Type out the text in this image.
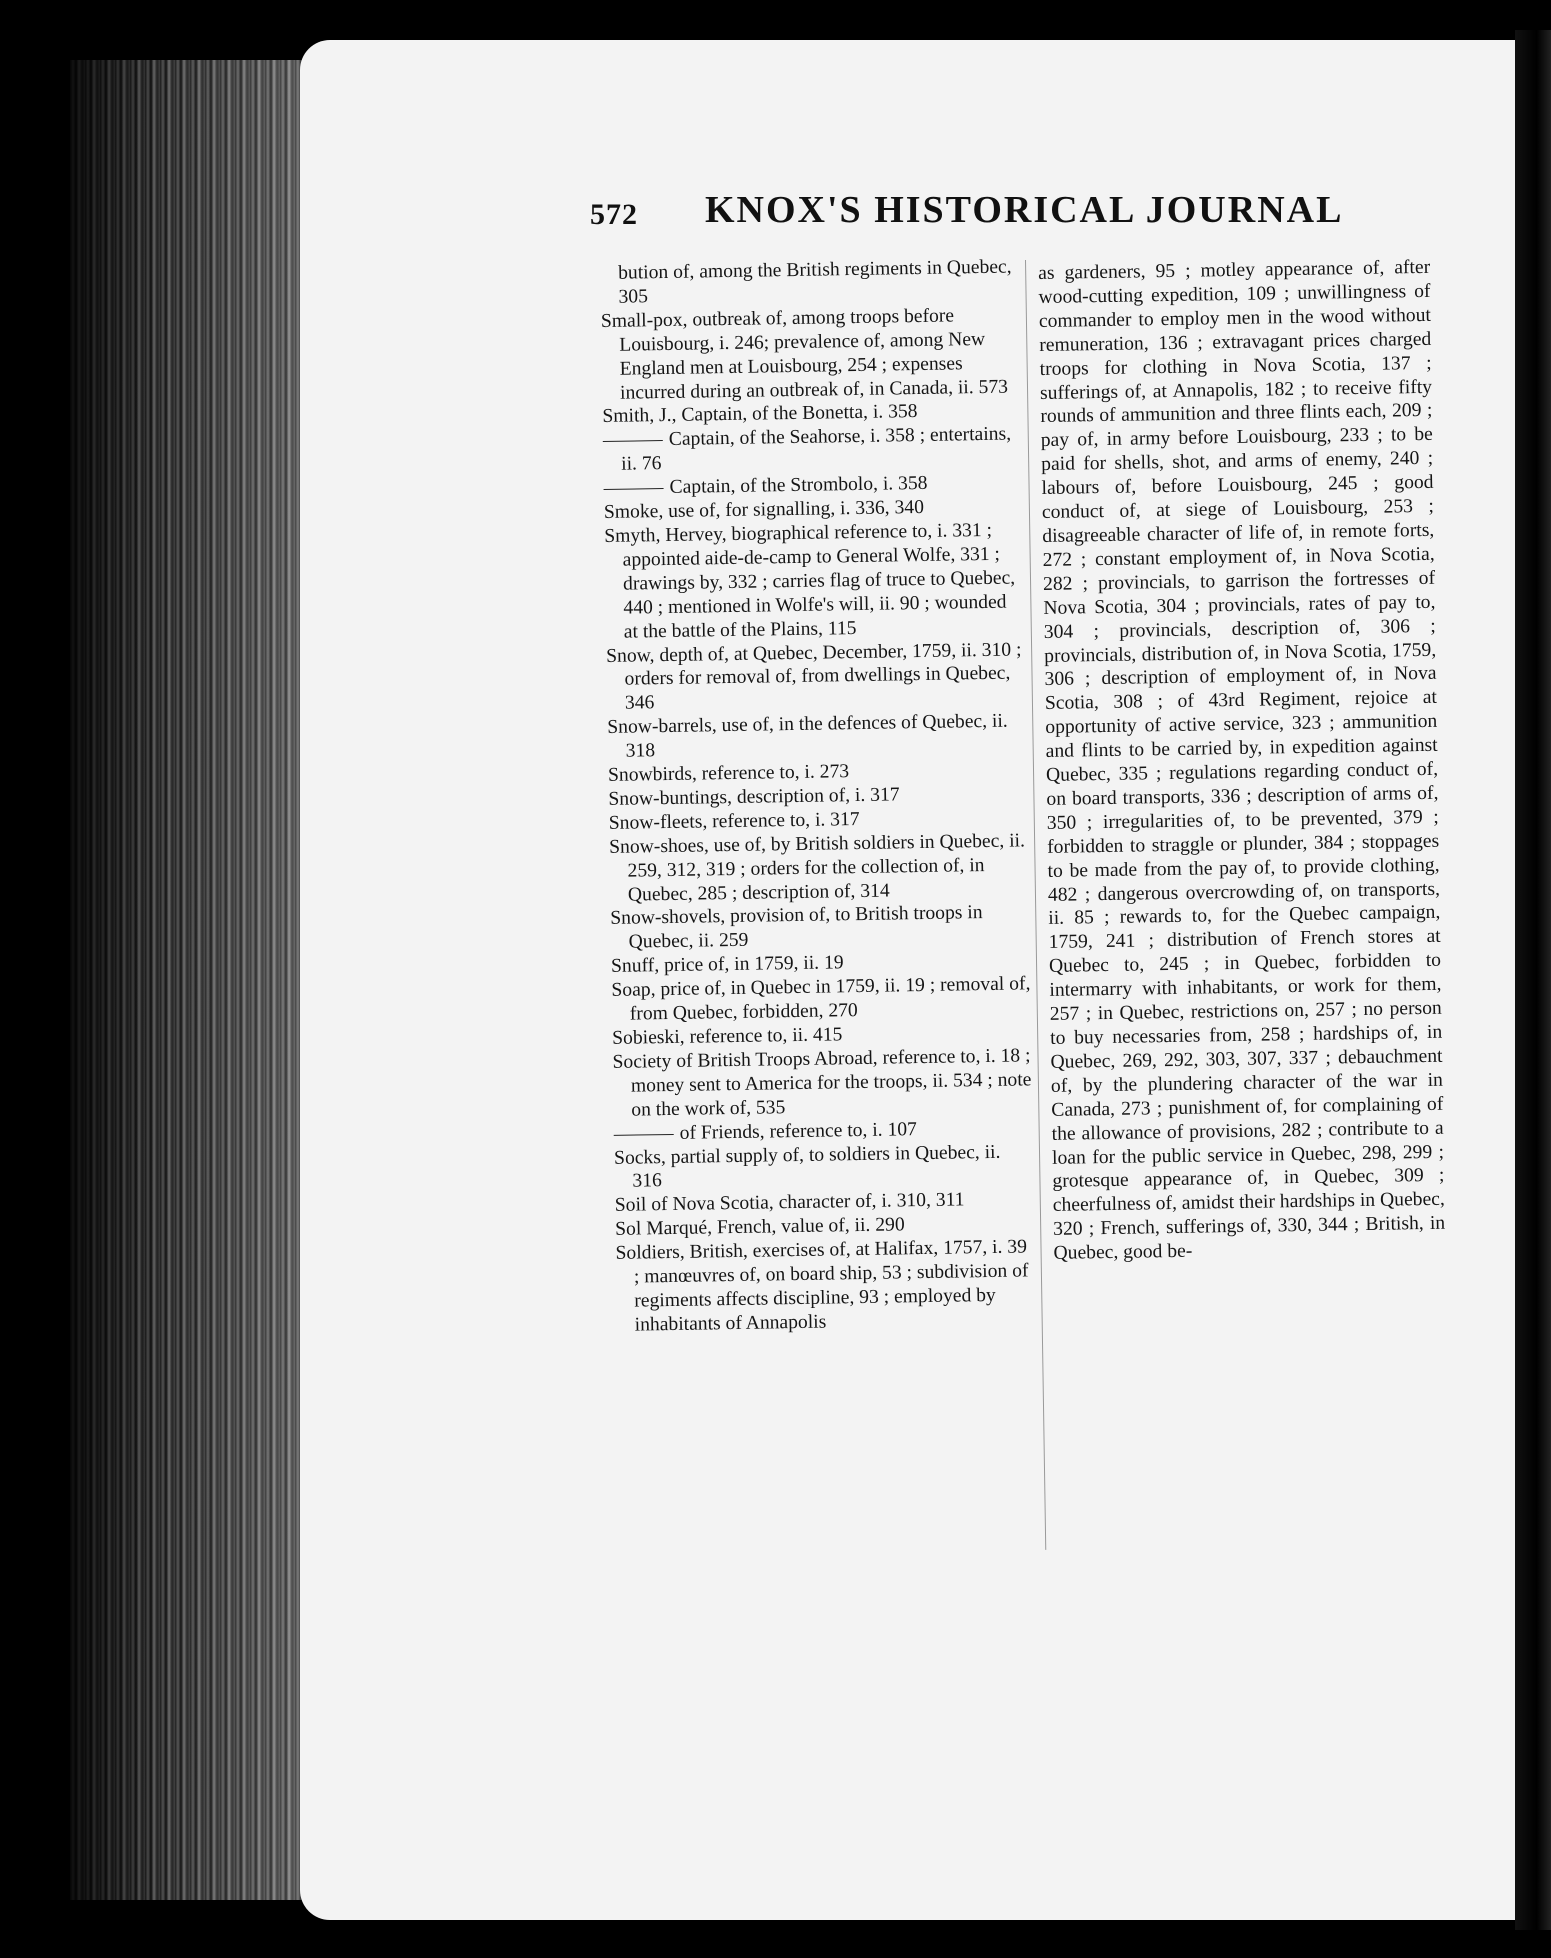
572 KNOX'S HISTORICAL JOURNAL

bution of, among the British regiments in Quebec, 305

Small-pox, outbreak of, among troops before Louisbourg, i. 246; prevalence of, among New England men at Louisbourg, 254 ; expenses incurred during an outbreak of, in Canada, ii. 573

Smith, J., Captain, of the Bonetta, i. 358

Captain, of the Seahorse, i. 358 ; entertains, ii. 76

Captain, of the Strombolo, i. 358

Smoke, use of, for signalling, i. 336, 340

Smyth, Hervey, biographical reference to, i. 331 ; appointed aide-de-camp to General Wolfe, 331 ; drawings by, 332 ; carries flag of truce to Quebec, 440 ; mentioned in Wolfe's will, ii. 90 ; wounded at the battle of the Plains, 115

Snow, depth of, at Quebec, December, 1759, ii. 310 ; orders for removal of, from dwellings in Quebec, 346

Snow-barrels, use of, in the defences of Quebec, ii. 318

Snowbirds, reference to, i. 273

Snow-buntings, description of, i. 317

Snow-fleets, reference to, i. 317

Snow-shoes, use of, by British soldiers in Quebec, ii. 259, 312, 319 ; orders for the collection of, in Quebec, 285 ; description of, 314

Snow-shovels, provision of, to British troops in Quebec, ii. 259

Snuff, price of, in 1759, ii. 19

Soap, price of, in Quebec in 1759, ii. 19 ; removal of, from Quebec, forbidden, 270

Sobieski, reference to, ii. 415

Society of British Troops Abroad, reference to, i. 18 ; money sent to America for the troops, ii. 534 ; note on the work of, 535

of Friends, reference to, i. 107

Socks, partial supply of, to soldiers in Quebec, ii. 316

Soil of Nova Scotia, character of, i. 310, 311

Sol Marqué, French, value of, ii. 290

Soldiers, British, exercises of, at Halifax, 1757, i. 39 ; manœuvres of, on board ship, 53 ; subdivision of regiments affects discipline, 93 ; employed by inhabitants of Annapolis

as gardeners, 95 ; motley appearance of, after wood-cutting expedition, 109 ; unwillingness of commander to employ men in the wood without remuneration, 136 ; extravagant prices charged troops for clothing in Nova Scotia, 137 ; sufferings of, at Annapolis, 182 ; to receive fifty rounds of ammunition and three flints each, 209 ; pay of, in army before Louisbourg, 233 ; to be paid for shells, shot, and arms of enemy, 240 ; labours of, before Louisbourg, 245 ; good conduct of, at siege of Louisbourg, 253 ; disagreeable character of life of, in remote forts, 272 ; constant employment of, in Nova Scotia, 282 ; provincials, to garrison the fortresses of Nova Scotia, 304 ; provincials, rates of pay to, 304 ; provincials, description of, 306 ; provincials, distribution of, in Nova Scotia, 1759, 306 ; description of employment of, in Nova Scotia, 308 ; of 43rd Regiment, rejoice at opportunity of active service, 323 ; ammunition and flints to be carried by, in expedition against Quebec, 335 ; regulations regarding conduct of, on board transports, 336 ; description of arms of, 350 ; irregularities of, to be prevented, 379 ; forbidden to straggle or plunder, 384 ; stoppages to be made from the pay of, to provide clothing, 482 ; dangerous overcrowding of, on transports, ii. 85 ; rewards to, for the Quebec campaign, 1759, 241 ; distribution of French stores at Quebec to, 245 ; in Quebec, forbidden to intermarry with inhabitants, or work for them, 257 ; in Quebec, restrictions on, 257 ; no person to buy necessaries from, 258 ; hardships of, in Quebec, 269, 292, 303, 307, 337 ; debauchment of, by the plundering character of the war in Canada, 273 ; punishment of, for complaining of the allowance of provisions, 282 ; contribute to a loan for the public service in Quebec, 298, 299 ; grotesque appearance of, in Quebec, 309 ; cheerfulness of, amidst their hardships in Quebec, 320 ; French, sufferings of, 330, 344 ; British, in Quebec, good be-
